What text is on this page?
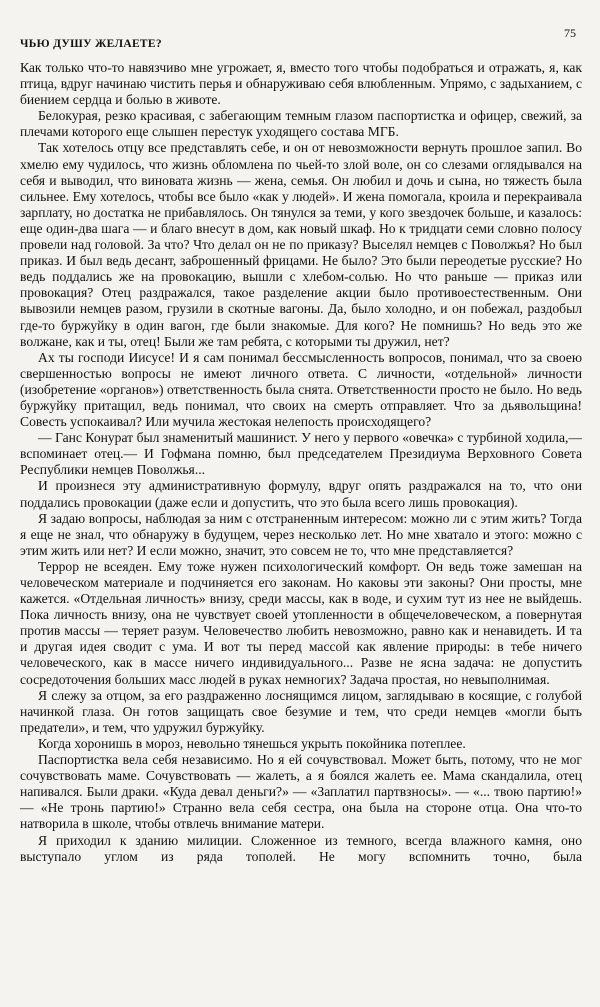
ЧЬЮ ДУШУ ЖЕЛАЕТЕ?
75

Как только что-то навязчиво мне угрожает, я, вместо того чтобы подобраться и отражать, я, как птица, вдруг начинаю чистить перья и обнаруживаю себя влюбленным. Упрямо, с задыханием, с биением сердца и болью в животе.

Белокурая, резко красивая, с забегающим темным глазом паспортистка и офицер, свежий, за плечами которого еще слышен перестук уходящего состава МГБ.

Так хотелось отцу все представлять себе, и он от невозможности вернуть прошлое запил. Во хмелю ему чудилось, что жизнь обломлена по чьей-то злой воле, он со слезами оглядывался на себя и выводил, что виновата жизнь — жена, семья. Он любил и дочь и сына, но тяжесть была сильнее. Ему хотелось, чтобы все было «как у людей». И жена помогала, кроила и перекраивала зарплату, но достатка не прибавлялось. Он тянулся за теми, у кого звездочек больше, и казалось: еще один-два шага — и благо внесут в дом, как новый шкаф. Но к тридцати семи словно полосу провели над головой. За что? Что делал он не по приказу? Выселял немцев с Поволжья? Но был приказ. И был ведь десант, заброшенный фрицами. Не было? Это были переодетые русские? Но ведь поддались же на провокацию, вышли с хлебом-солью. Но что раньше — приказ или провокация? Отец раздражался, такое разделение акции было противоестественным. Они вывозили немцев разом, грузили в скотные вагоны. Да, было холодно, и он побежал, раздобыл где-то буржуйку в один вагон, где были знакомые. Для кого? Не помнишь? Но ведь это же волжане, как и ты, отец! Были же там ребята, с которыми ты дружил, нет?

Ах ты господи Иисусе! И я сам понимал бессмысленность вопросов, понимал, что за своею свершенностью вопросы не имеют личного ответа. С личности, «отдельной» личности (изобретение «органов») ответственность была снята. Ответственности просто не было. Но ведь буржуйку притащил, ведь понимал, что своих на смерть отправляет. Что за дьявольщина! Совесть успокаивал? Или мучила жестокая нелепость происходящего?

— Ганс Конурат был знаменитый машинист. У него у первого «овечка» с турбиной ходила,— вспоминает отец.— И Гофмана помню, был председателем Президиума Верховного Совета Республики немцев Поволжья...

И произнеся эту административную формулу, вдруг опять раздражался на то, что они поддались провокации (даже если и допустить, что это была всего лишь провокация).

Я задаю вопросы, наблюдая за ним с отстраненным интересом: можно ли с этим жить? Тогда я еще не знал, что обнаружу в будущем, через несколько лет. Но мне хватало и этого: можно с этим жить или нет? И если можно, значит, это совсем не то, что мне представляется?

Террор не всеяден. Ему тоже нужен психологический комфорт. Он ведь тоже замешан на человеческом материале и подчиняется его законам. Но каковы эти законы? Они просты, мне кажется. «Отдельная личность» внизу, среди массы, как в воде, и сухим тут из нее не выйдешь. Пока личность внизу, она не чувствует своей утопленности в общечеловеческом, а повернутая против массы — теряет разум. Человечество любить невозможно, равно как и ненавидеть. И та и другая идея сводит с ума. И вот ты перед массой как явление природы: в тебе ничего человеческого, как в массе ничего индивидуального... Разве не ясна задача: не допустить сосредоточения больших масс людей в руках немногих? Задача простая, но невыполнимая.

Я слежу за отцом, за его раздраженно лоснящимся лицом, заглядываю в косящие, с голубой начинкой глаза. Он готов защищать свое безумие и тем, что среди немцев «могли быть предатели», и тем, что удружил буржуйку.

Когда хоронишь в мороз, невольно тянешься укрыть покойника потеплее.

Паспортистка вела себя независимо. Но я ей сочувствовал. Может быть, потому, что не мог сочувствовать маме. Сочувствовать — жалеть, а я боялся жалеть ее. Мама скандалила, отец напивался. Были драки. «Куда девал деньги?» — «Заплатил партвзносы». — «... твою партию!» — «Не тронь партию!» Странно вела себя сестра, она была на стороне отца. Она что-то натворила в школе, чтобы отвлечь внимание матери.

Я приходил к зданию милиции. Сложенное из темного, всегда влажного камня, оно выступало углом из ряда тополей. Не могу вспомнить точно, была
